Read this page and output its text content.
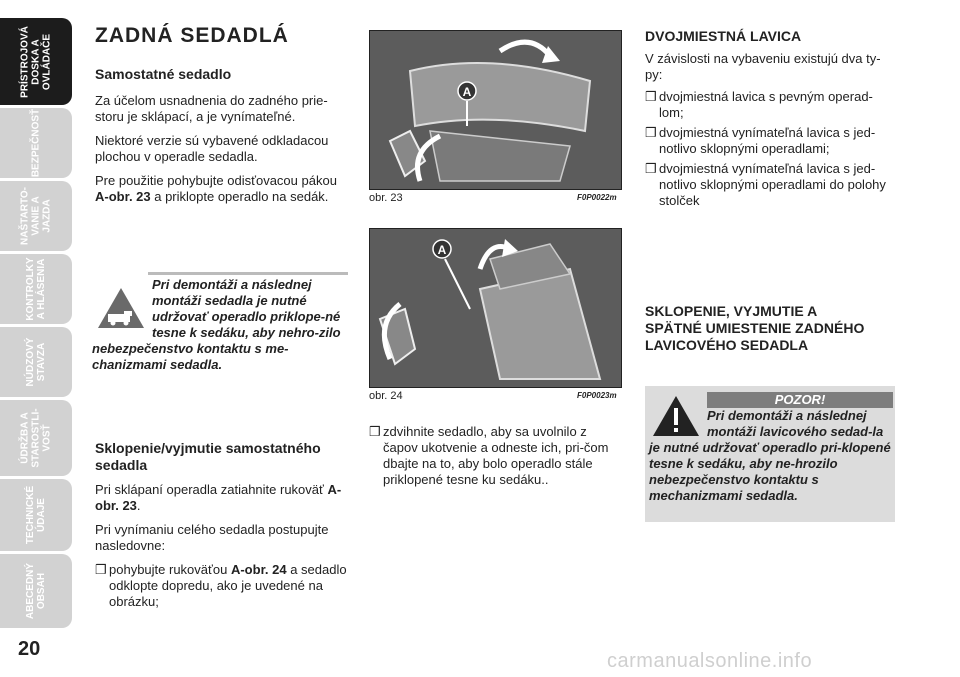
PRÍSTROJOVÁ
DOSKA A
OVLÁDAČE
BEZPEČNOSŤ
NAŠTARTO-
VANIE A
JAZDA
KONTROLKY
A HLÁSENIA
NÚDZOVÝ
STAVZA
ÚDRŽBA A
STAROSTLI-
VOSŤ
TECHNICKÉ
ÚDAJE
ABECEDNÝ
OBSAH
20
ZADNÁ SEDADLÁ
Samostatné sedadlo

Za účelom usnadnenia do zadného prie-storu je sklápací, a je vynímateľné.

Niektoré verzie sú vybavené odkladacou plochou v operadle sedadla.

Pre použitie pohybujte odisťovacou pákou A-obr. 23 a priklopte operadlo na sedák.

Pri demontáži a následnej montáži sedadla je nutné udržovať operadlo priklope-né tesne k sedáku, aby nehro-zilo nebezpečenstvo kontaktu s me-chanizmami sedadla.
Sklopenie/vyjmutie samostatného sedadla

Pri sklápaní operadla zatiahnite rukoväť A-obr. 23.

Pri vynímaniu celého sedadla postupujte nasledovne:

❒ pohybujte rukoväťou A-obr. 24 a sedadlo odklopte dopredu, ako je uvedené na obrázku;
A
obr. 23	F0P0022m
A
obr. 24	F0P0023m
❒ zdvihnite sedadlo, aby sa uvolnilo z čapov ukotvenie a odneste ich, pri-čom dbajte na to, aby bolo operadlo stále priklopené tesne ku sedáku..
DVOJMIESTNÁ LAVICA

V závislosti na vybaveniu existujú dva ty-py:

❒ dvojmiestná lavica s pevným operad-lom;
❒ dvojmiestná vynímateľná lavica s jed-notlivo sklopnými operadlami;
❒ dvojmiestná vynímateľná lavica s jed-notlivo sklopnými operadlami do polohy stolček
SKLOPENIE, VYJMUTIE A SPÄTNÉ UMIESTENIE ZADNÉHO LAVICOVÉHO SEDADLA
POZOR!
Pri demontáži a následnej montáži lavicového sedad-la je nutné udržovať operadlo pri-klopené tesne k sedáku, aby ne-hrozilo nebezpečenstvo kontaktu s mechanizmami sedadla.
carmanualsonline.info
